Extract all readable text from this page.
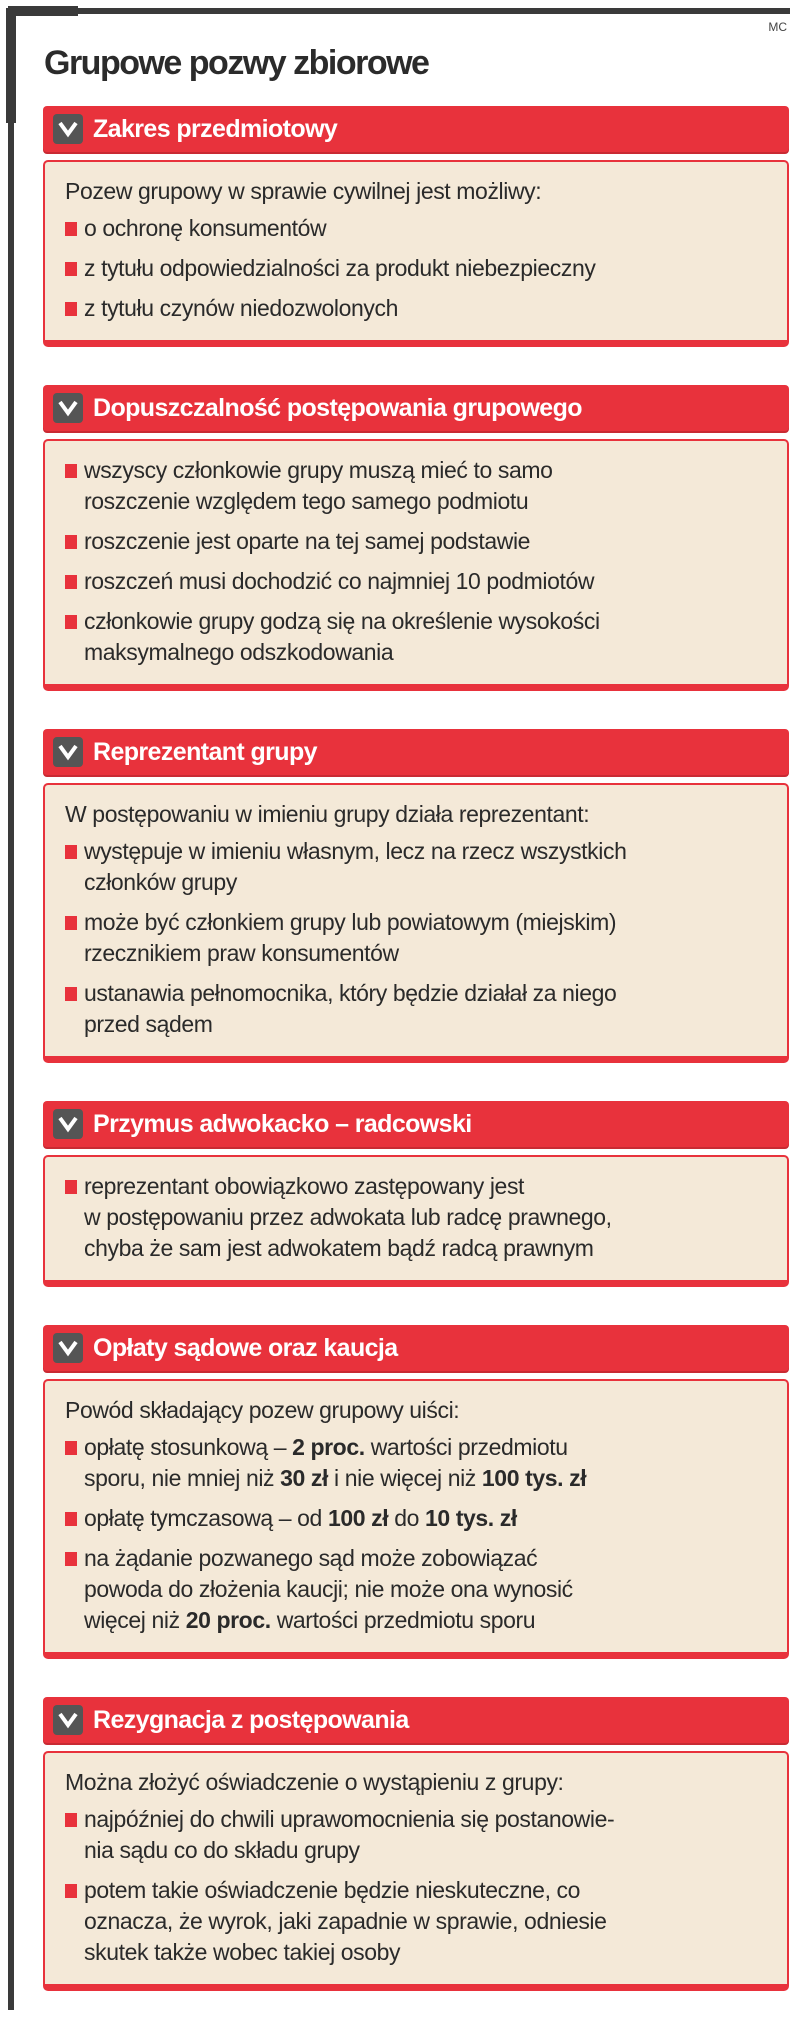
MC
Grupowe pozwy zbiorowe
Zakres przedmiotowy
Pozew grupowy w sprawie cywilnej jest możliwy:
o ochronę konsumentów
z tytułu odpowiedzialności za produkt niebezpieczny
z tytułu czynów niedozwolonych
Dopuszczalność postępowania grupowego
wszyscy członkowie grupy muszą mieć to samo
roszczenie względem tego samego podmiotu
roszczenie jest oparte na tej samej podstawie
roszczeń musi dochodzić co najmniej 10 podmiotów
członkowie grupy godzą się na określenie wysokości
maksymalnego odszkodowania
Reprezentant grupy
W postępowaniu w imieniu grupy działa reprezentant:
występuje w imieniu własnym, lecz na rzecz wszystkich
członków grupy
może być członkiem grupy lub powiatowym (miejskim)
rzecznikiem praw konsumentów
ustanawia pełnomocnika, który będzie działał za niego
przed sądem
Przymus adwokacko – radcowski
reprezentant obowiązkowo zastępowany jest
w postępowaniu przez adwokata lub radcę prawnego,
chyba że sam jest adwokatem bądź radcą prawnym
Opłaty sądowe oraz kaucja
Powód składający pozew grupowy uiści:
opłatę stosunkową – 2 proc. wartości przedmiotu
sporu, nie mniej niż 30 zł i nie więcej niż 100 tys. zł
opłatę tymczasową – od 100 zł do 10 tys. zł
na żądanie pozwanego sąd może zobowiązać
powoda do złożenia kaucji; nie może ona wynosić
więcej niż 20 proc. wartości przedmiotu sporu
Rezygnacja z postępowania
Można złożyć oświadczenie o wystąpieniu z grupy:
najpóźniej do chwili uprawomocnienia się postanowie-
nia sądu co do składu grupy
potem takie oświadczenie będzie nieskuteczne, co
oznacza, że wyrok, jaki zapadnie w sprawie, odniesie
skutek także wobec takiej osoby
